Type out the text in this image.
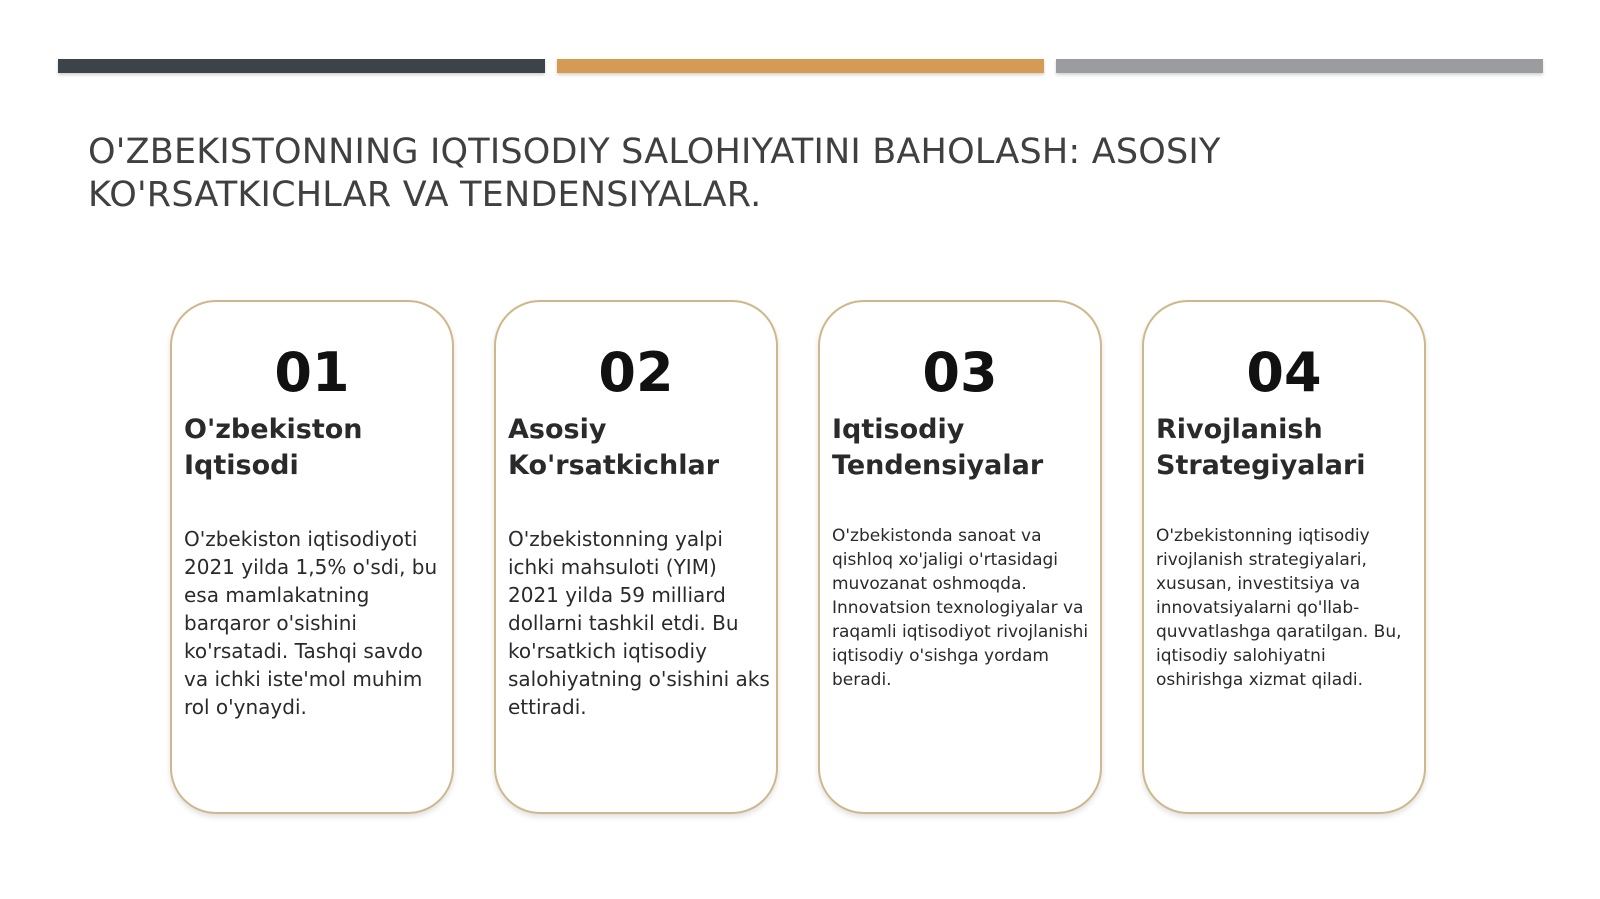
O'ZBEKISTONNING IQTISODIY SALOHIYATINI BAHOLASH: ASOSIY KO'RSATKICHLAR VA TENDENSIYALAR.
01
O'zbekiston Iqtisodi

O'zbekiston iqtisodiyoti 2021 yilda 1,5% o'sdi, bu esa mamlakatning barqaror o'sishini ko'rsatadi. Tashqi savdo va ichki iste'mol muhim rol o'ynaydi.

02
Asosiy Ko'rsatkichlar

O'zbekistonning yalpi ichki mahsuloti (YIM) 2021 yilda 59 milliard dollarni tashkil etdi. Bu ko'rsatkich iqtisodiy salohiyatning o'sishini aks ettiradi.

03
Iqtisodiy Tendensiyalar

O'zbekistonda sanoat va qishloq xo'jaligi o'rtasidagi muvozanat oshmoqda. Innovatsion texnologiyalar va raqamli iqtisodiyot rivojlanishi iqtisodiy o'sishga yordam beradi.

04
Rivojlanish Strategiyalari

O'zbekistonning iqtisodiy rivojlanish strategiyalari, xususan, investitsiya va innovatsiyalarni qo'llab-quvvatlashga qaratilgan. Bu, iqtisodiy salohiyatni oshirishga xizmat qiladi.
